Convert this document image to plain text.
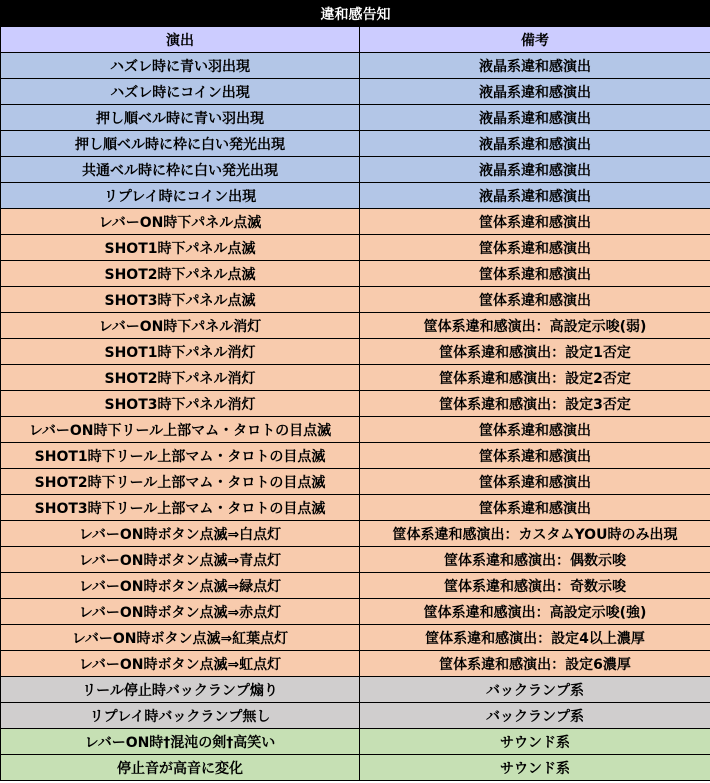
違和感告知	
演出	備考
ハズレ時に青い羽出現	液晶系違和感演出
ハズレ時にコイン出現	液晶系違和感演出
押し順ベル時に青い羽出現	液晶系違和感演出
押し順ベル時に枠に白い発光出現	液晶系違和感演出
共通ベル時に枠に白い発光出現	液晶系違和感演出
リプレイ時にコイン出現	液晶系違和感演出
レバーON時下パネル点滅	筐体系違和感演出
SHOT1時下パネル点滅	筐体系違和感演出
SHOT2時下パネル点滅	筐体系違和感演出
SHOT3時下パネル点滅	筐体系違和感演出
レバーON時下パネル消灯	筐体系違和感演出：高設定示唆(弱)
SHOT1時下パネル消灯	筐体系違和感演出：設定1否定
SHOT2時下パネル消灯	筐体系違和感演出：設定2否定
SHOT3時下パネル消灯	筐体系違和感演出：設定3否定
レバーON時下リール上部マム・タロトの目点滅	筐体系違和感演出
SHOT1時下リール上部マム・タロトの目点滅	筐体系違和感演出
SHOT2時下リール上部マム・タロトの目点滅	筐体系違和感演出
SHOT3時下リール上部マム・タロトの目点滅	筐体系違和感演出
レバーON時ボタン点滅⇒白点灯	筐体系違和感演出：カスタムYOU時のみ出現
レバーON時ボタン点滅⇒青点灯	筐体系違和感演出：偶数示唆
レバーON時ボタン点滅⇒緑点灯	筐体系違和感演出：奇数示唆
レバーON時ボタン点滅⇒赤点灯	筐体系違和感演出：高設定示唆(強)
レバーON時ボタン点滅⇒紅葉点灯	筐体系違和感演出：設定4以上濃厚
レバーON時ボタン点滅⇒虹点灯	筐体系違和感演出：設定6濃厚
リール停止時バックランプ煽り	バックランプ系
リプレイ時バックランプ無し	バックランプ系
レバーON時†混沌の剣†高笑い	サウンド系
停止音が高音に変化	サウンド系
